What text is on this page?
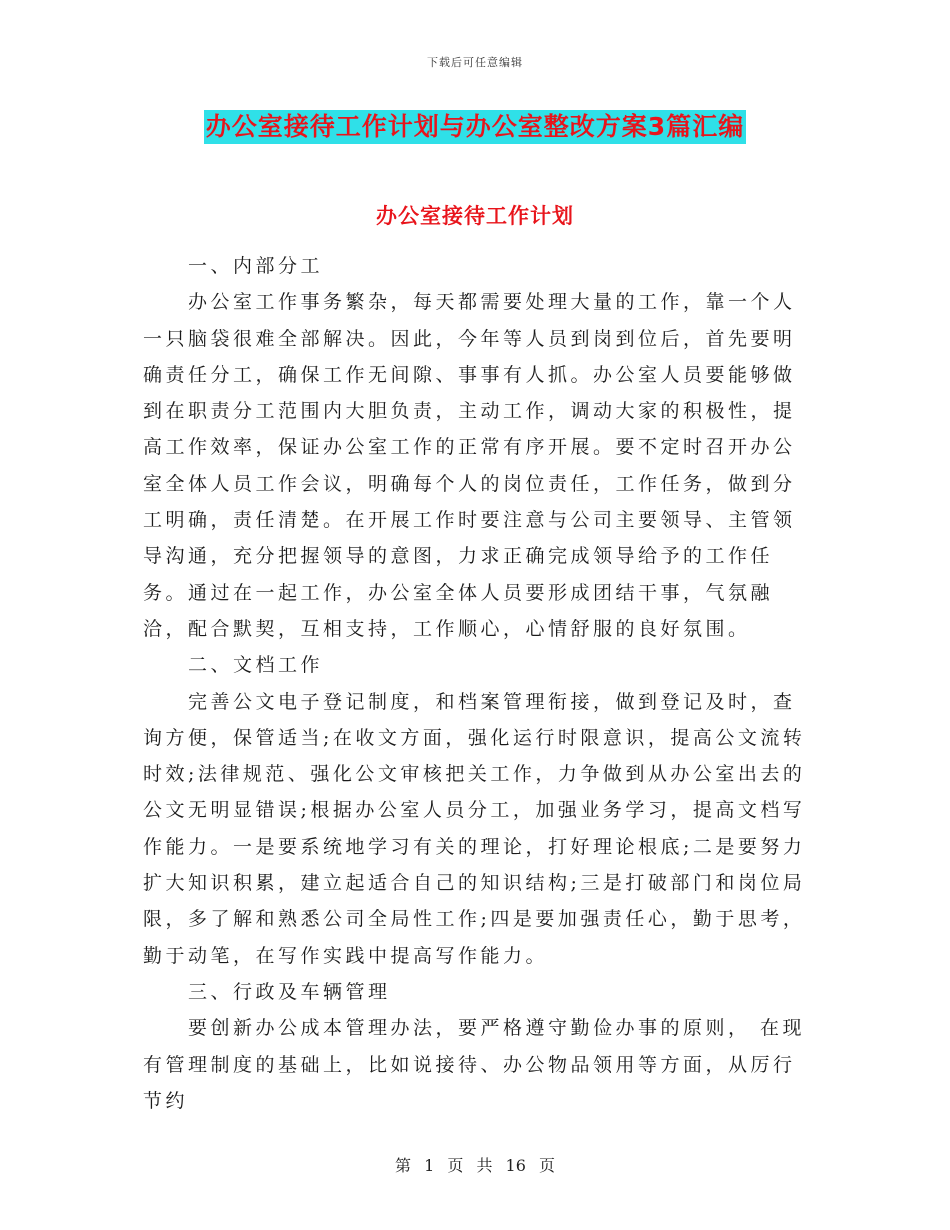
下载后可任意编辑
办公室接待工作计划与办公室整改方案3篇汇编
办公室接待工作计划

一、内部分工

办公室工作事务繁杂，每天都需要处理大量的工作，靠一个人一只脑袋很难全部解决。因此，今年等人员到岗到位后，首先要明确责任分工，确保工作无间隙、事事有人抓。办公室人员要能够做到在职责分工范围内大胆负责，主动工作，调动大家的积极性，提高工作效率，保证办公室工作的正常有序开展。要不定时召开办公室全体人员工作会议，明确每个人的岗位责任，工作任务，做到分工明确，责任清楚。在开展工作时要注意与公司主要领导、主管领导沟通，充分把握领导的意图，力求正确完成领导给予的工作任务。通过在一起工作，办公室全体人员要形成团结干事，气氛融洽，配合默契，互相支持，工作顺心，心情舒服的良好氛围。

二、文档工作

完善公文电子登记制度，和档案管理衔接，做到登记及时，查询方便，保管适当;在收文方面，强化运行时限意识，提高公文流转时效;法律规范、强化公文审核把关工作，力争做到从办公室出去的公文无明显错误;根据办公室人员分工，加强业务学习，提高文档写作能力。一是要系统地学习有关的理论，打好理论根底;二是要努力扩大知识积累，建立起适合自己的知识结构;三是打破部门和岗位局限，多了解和熟悉公司全局性工作;四是要加强责任心，勤于思考，勤于动笔，在写作实践中提高写作能力。

三、行政及车辆管理

要创新办公成本管理办法，要严格遵守勤俭办事的原则， 在现有管理制度的基础上，比如说接待、办公物品领用等方面，从厉行节约

第 1 页 共 16 页
